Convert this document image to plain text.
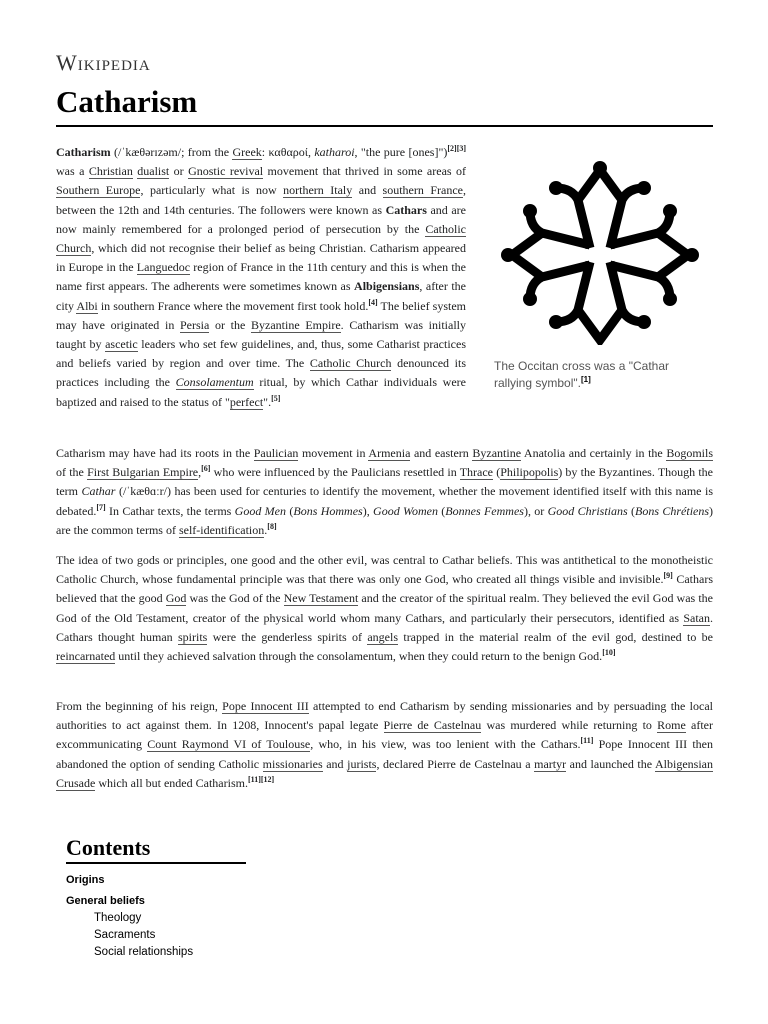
Wikipedia
Catharism
Catharism (/ˈkæθərɪzəm/; from the Greek: καθαροί, katharoi, "the pure [ones]")[2][3] was a Christian dualist or Gnostic revival movement that thrived in some areas of Southern Europe, particularly what is now northern Italy and southern France, between the 12th and 14th centuries. The followers were known as Cathars and are now mainly remembered for a prolonged period of persecution by the Catholic Church, which did not recognise their belief as being Christian. Catharism appeared in Europe in the Languedoc region of France in the 11th century and this is when the name first appears. The adherents were sometimes known as Albigensians, after the city Albi in southern France where the movement first took hold.[4] The belief system may have originated in Persia or the Byzantine Empire. Catharism was initially taught by ascetic leaders who set few guidelines, and, thus, some Catharist practices and beliefs varied by region and over time. The Catholic Church denounced its practices including the Consolamentum ritual, by which Cathar individuals were baptized and raised to the status of "perfect".[5]
The Occitan cross was a "Cathar rallying symbol".[1]
Catharism may have had its roots in the Paulician movement in Armenia and eastern Byzantine Anatolia and certainly in the Bogomils of the First Bulgarian Empire,[6] who were influenced by the Paulicians resettled in Thrace (Philipopolis) by the Byzantines. Though the term Cathar (/ˈkæθɑːr/) has been used for centuries to identify the movement, whether the movement identified itself with this name is debated.[7] In Cathar texts, the terms Good Men (Bons Hommes), Good Women (Bonnes Femmes), or Good Christians (Bons Chrétiens) are the common terms of self-identification.[8]
The idea of two gods or principles, one good and the other evil, was central to Cathar beliefs. This was antithetical to the monotheistic Catholic Church, whose fundamental principle was that there was only one God, who created all things visible and invisible.[9] Cathars believed that the good God was the God of the New Testament and the creator of the spiritual realm. They believed the evil God was the God of the Old Testament, creator of the physical world whom many Cathars, and particularly their persecutors, identified as Satan. Cathars thought human spirits were the genderless spirits of angels trapped in the material realm of the evil god, destined to be reincarnated until they achieved salvation through the consolamentum, when they could return to the benign God.[10]
From the beginning of his reign, Pope Innocent III attempted to end Catharism by sending missionaries and by persuading the local authorities to act against them. In 1208, Innocent's papal legate Pierre de Castelnau was murdered while returning to Rome after excommunicating Count Raymond VI of Toulouse, who, in his view, was too lenient with the Cathars.[11] Pope Innocent III then abandoned the option of sending Catholic missionaries and jurists, declared Pierre de Castelnau a martyr and launched the Albigensian Crusade which all but ended Catharism.[11][12]
Contents
Origins
General beliefs
Theology
Sacraments
Social relationships
